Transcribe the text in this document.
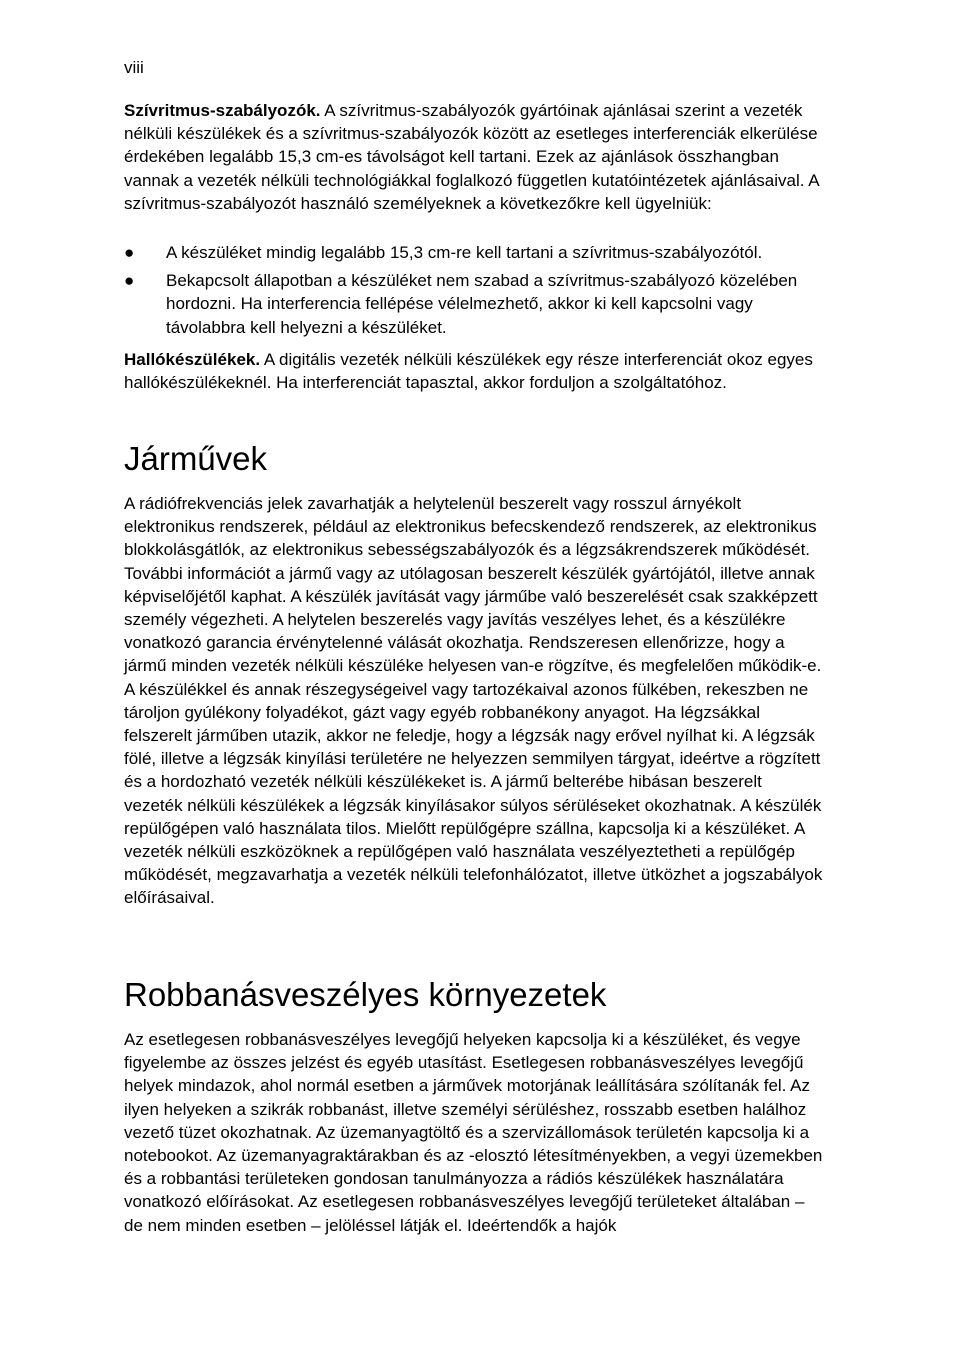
viii

Szívritmus-szabályozók. A szívritmus-szabályozók gyártóinak ajánlásai szerint a vezeték nélküli készülékek és a szívritmus-szabályozók között az esetleges interferenciák elkerülése érdekében legalább 15,3 cm-es távolságot kell tartani. Ezek az ajánlások összhangban vannak a vezeték nélküli technológiákkal foglalkozó független kutatóintézetek ajánlásaival. A szívritmus-szabályozót használó személyeknek a következőkre kell ügyelniük:

● A készüléket mindig legalább 15,3 cm-re kell tartani a szívritmus-szabályozótól.
● Bekapcsolt állapotban a készüléket nem szabad a szívritmus-szabályozó közelében hordozni. Ha interferencia fellépése vélelmezhető, akkor ki kell kapcsolni vagy távolabbra kell helyezni a készüléket.

Hallókészülékek. A digitális vezeték nélküli készülékek egy része interferenciát okoz egyes hallókészülékeknél. Ha interferenciát tapasztal, akkor forduljon a szolgáltatóhoz.

Járművek

A rádiófrekvenciás jelek zavarhatják a helytelenül beszerelt vagy rosszul árnyékolt elektronikus rendszerek, például az elektronikus befecskendező rendszerek, az elektronikus blokkolásgátlók, az elektronikus sebességszabályozók és a légzsákrendszerek működését. További információt a jármű vagy az utólagosan beszerelt készülék gyártójától, illetve annak képviselőjétől kaphat. A készülék javítását vagy járműbe való beszerelését csak szakképzett személy végezheti. A helytelen beszerelés vagy javítás veszélyes lehet, és a készülékre vonatkozó garancia érvénytelenné válását okozhatja. Rendszeresen ellenőrizze, hogy a jármű minden vezeték nélküli készüléke helyesen van-e rögzítve, és megfelelően működik-e. A készülékkel és annak részegységeivel vagy tartozékaival azonos fülkében, rekeszben ne tároljon gyúlékony folyadékot, gázt vagy egyéb robbanékony anyagot. Ha légzsákkal felszerelt járműben utazik, akkor ne feledje, hogy a légzsák nagy erővel nyílhat ki. A légzsák fölé, illetve a légzsák kinyílási területére ne helyezzen semmilyen tárgyat, ideértve a rögzített és a hordozható vezeték nélküli készülékeket is. A jármű belterébe hibásan beszerelt vezeték nélküli készülékek a légzsák kinyílásakor súlyos sérüléseket okozhatnak. A készülék repülőgépen való használata tilos. Mielőtt repülőgépre szállna, kapcsolja ki a készüléket. A vezeték nélküli eszközöknek a repülőgépen való használata veszélyeztetheti a repülőgép működését, megzavarhatja a vezeték nélküli telefonhálózatot, illetve ütközhet a jogszabályok előírásaival.

Robbanásveszélyes környezetek

Az esetlegesen robbanásveszélyes levegőjű helyeken kapcsolja ki a készüléket, és vegye figyelembe az összes jelzést és egyéb utasítást. Esetlegesen robbanásveszélyes levegőjű helyek mindazok, ahol normál esetben a járművek motorjának leállítására szólítanák fel. Az ilyen helyeken a szikrák robbanást, illetve személyi sérüléshez, rosszabb esetben halálhoz vezető tüzet okozhatnak. Az üzemanyagtöltő és a szervizállomások területén kapcsolja ki a notebookot. Az üzemanyagraktárakban és az -elosztó létesítményekben, a vegyi üzemekben és a robbantási területeken gondosan tanulmányozza a rádiós készülékek használatára vonatkozó előírásokat. Az esetlegesen robbanásveszélyes levegőjű területeket általában – de nem minden esetben – jelöléssel látják el. Ideértendők a hajók
